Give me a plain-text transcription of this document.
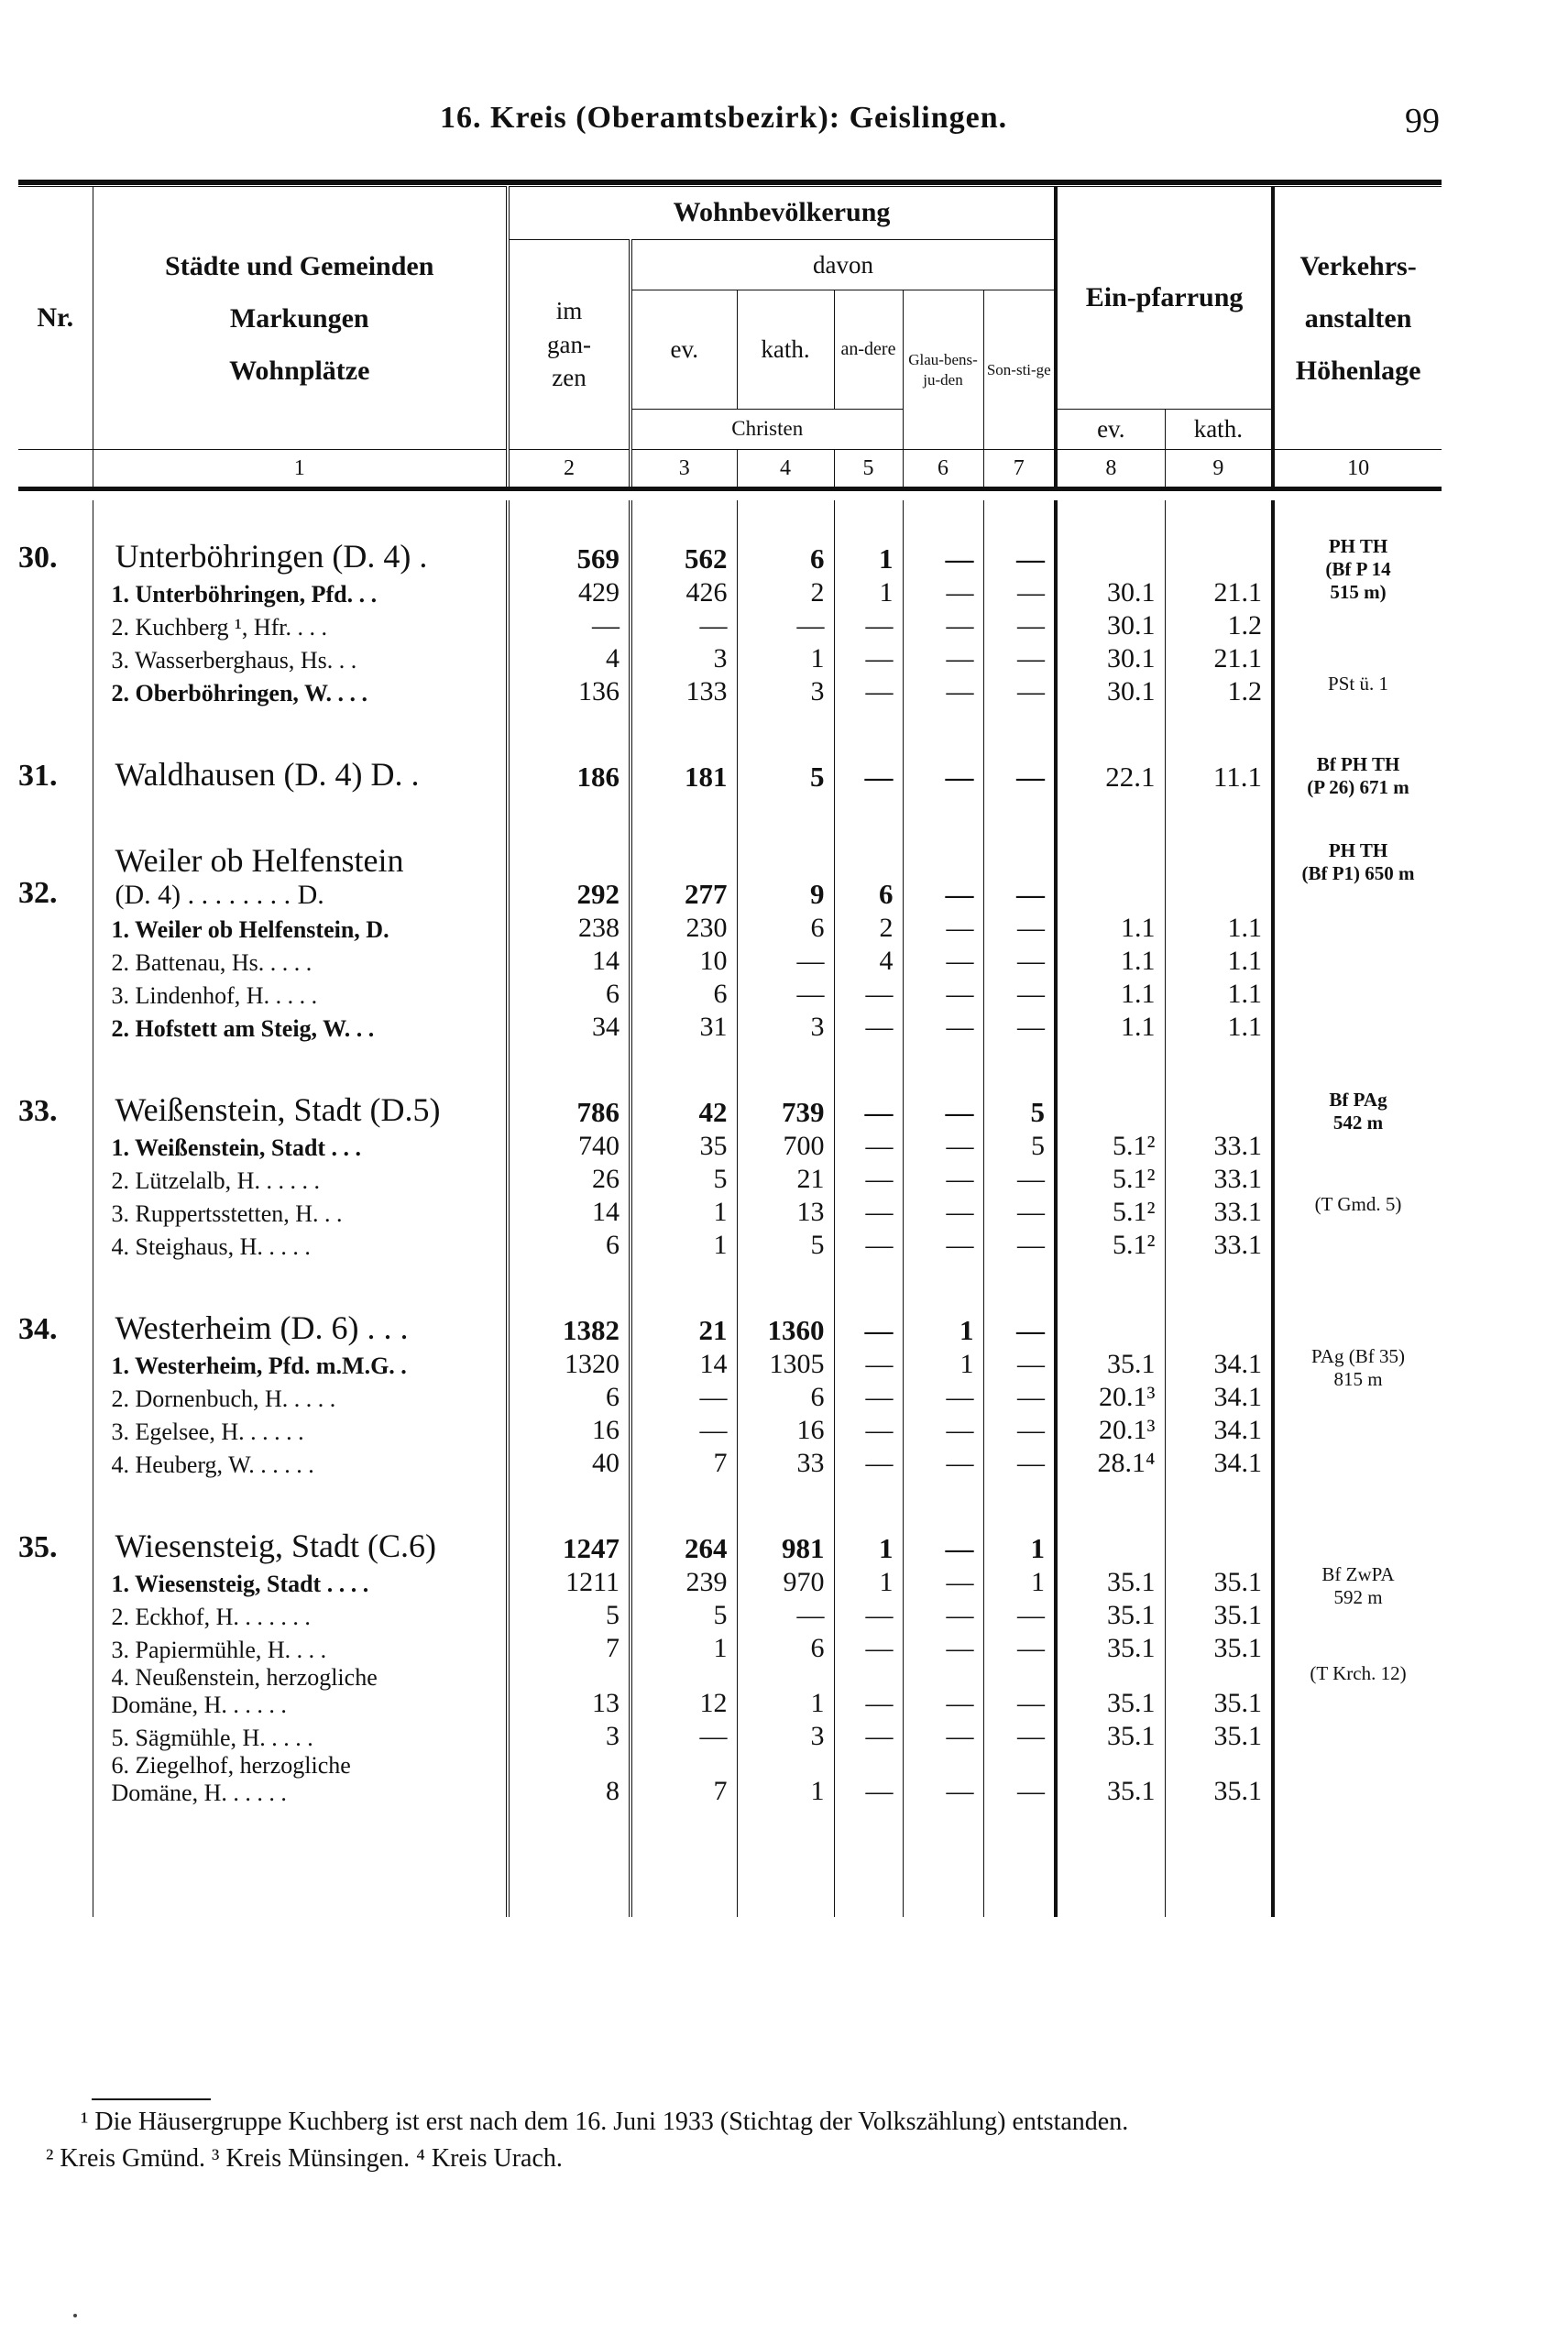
16. Kreis (Oberamtsbezirk): Geislingen.	99
Nr.	Städte und Gemeinden
Markungen
Wohnplätze	Wohnbevölkerung						Ein-pfarrung		Verkehrs-anstalten
Höhenlage

		im gan-zen	davon							
			ev.	kath.	an-dere	Glau-bens-ju-den	Son-sti-ge			
			Christen					ev.	kath.	
	1	2	3	4	5	6	7	8	9	10

30.	Unterböhringen (D. 4) .	569	562	6	1	—	—			PH TH
(Bf P 14
515 m)

	1. Unterböhringen, Pfd. . .	429	426	2	1	—	—	30.1	21.1	

	2. Kuchberg ¹, Hfr. . . .	—	—	—	—	—	—	30.1	1.2	

	3. Wasserberghaus, Hs. . .	4	3	1	—	—	—	30.1	21.1	

	2. Oberböhringen, W. . . .	136	133	3	—	—	—	30.1	1.2	PSt ü. 1

31.	Waldhausen (D. 4) D. .	186	181	5	—	—	—	22.1	11.1	Bf PH TH
(P 26) 671 m

32.	Weiler ob Helfenstein
(D. 4) . . . . . . . . D.	292	277	9	6	—	—			PH TH
(Bf P1) 650 m

	1. Weiler ob Helfenstein, D.	238	230	6	2	—	—	1.1	1.1	

	2. Battenau, Hs. . . . .	14	10	—	4	—	—	1.1	1.1	

	3. Lindenhof, H. . . . .	6	6	—	—	—	—	1.1	1.1	

	2. Hofstett am Steig, W. . .	34	31	3	—	—	—	1.1	1.1	

33.	Weißenstein, Stadt (D.5)	786	42	739	—	—	5			Bf PAg
542 m

	1. Weißenstein, Stadt . . .	740	35	700	—	—	5	5.1²	33.1	

	2. Lützelalb, H. . . . . .	26	5	21	—	—	—	5.1²	33.1	

	3. Ruppertsstetten, H. . .	14	1	13	—	—	—	5.1²	33.1	(T Gmd. 5)

	4. Steighaus, H. . . . .	6	1	5	—	—	—	5.1²	33.1	

34.	Westerheim (D. 6) . . .	1382	21	1360	—	1	—			

	1. Westerheim, Pfd. m.M.G. .	1320	14	1305	—	1	—	35.1	34.1	PAg (Bf 35)
815 m

	2. Dornenbuch, H. . . . .	6	—	6	—	—	—	20.1³	34.1	

	3. Egelsee, H. . . . . .	16	—	16	—	—	—	20.1³	34.1	

	4. Heuberg, W. . . . . .	40	7	33	—	—	—	28.1⁴	34.1	

35.	Wiesensteig, Stadt (C.6)	1247	264	981	1	—	1			

	1. Wiesensteig, Stadt . . . .	1211	239	970	1	—	1	35.1	35.1	Bf ZwPA
592 m

	2. Eckhof, H. . . . . . .	5	5	—	—	—	—	35.1	35.1	

	3. Papiermühle, H. . . .	7	1	6	—	—	—	35.1	35.1	

	4. Neußenstein, herzogliche
Domäne, H. . . . . .	13	12	1	—	—	—	35.1	35.1	(T Krch. 12)

	5. Sägmühle, H. . . . .	3	—	3	—	—	—	35.1	35.1	

	6. Ziegelhof, herzogliche
Domäne, H. . . . . .	8	7	1	—	—	—	35.1	35.1	

¹ Die Häusergruppe Kuchberg ist erst nach dem 16. Juni 1933 (Stichtag der Volkszählung) entstanden.
² Kreis Gmünd. ³ Kreis Münsingen. ⁴ Kreis Urach.
